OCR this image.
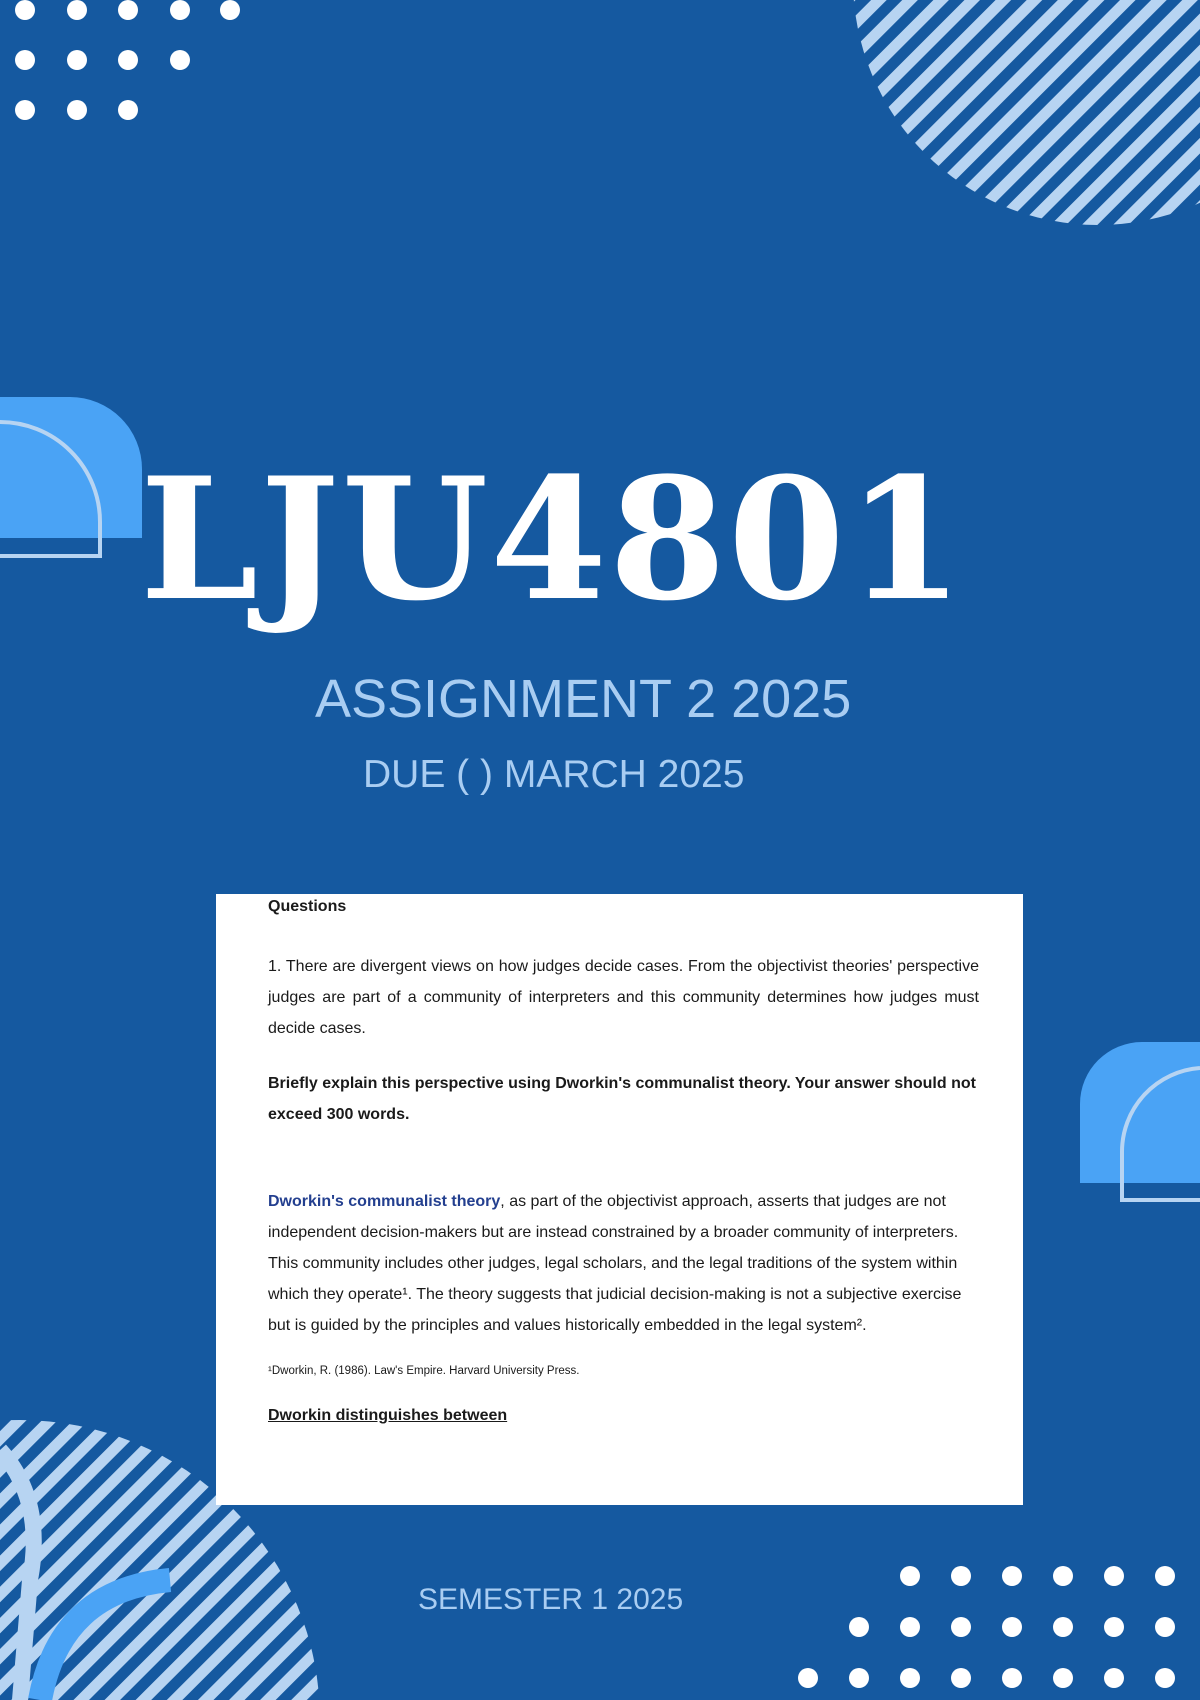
LJU4801
ASSIGNMENT 2 2025
DUE ( ) MARCH 2025

Questions

1. There are divergent views on how judges decide cases. From the objectivist theories' perspective judges are part of a community of interpreters and this community determines how judges must decide cases.

Briefly explain this perspective using Dworkin's communalist theory. Your answer should not exceed 300 words.

Dworkin's communalist theory, as part of the objectivist approach, asserts that judges are not independent decision-makers but are instead constrained by a broader community of interpreters. This community includes other judges, legal scholars, and the legal traditions of the system within which they operate¹. The theory suggests that judicial decision-making is not a subjective exercise but is guided by the principles and values historically embedded in the legal system².

¹Dworkin, R. (1986). Law's Empire. Harvard University Press.

Dworkin distinguishes between

SEMESTER 1 2025
